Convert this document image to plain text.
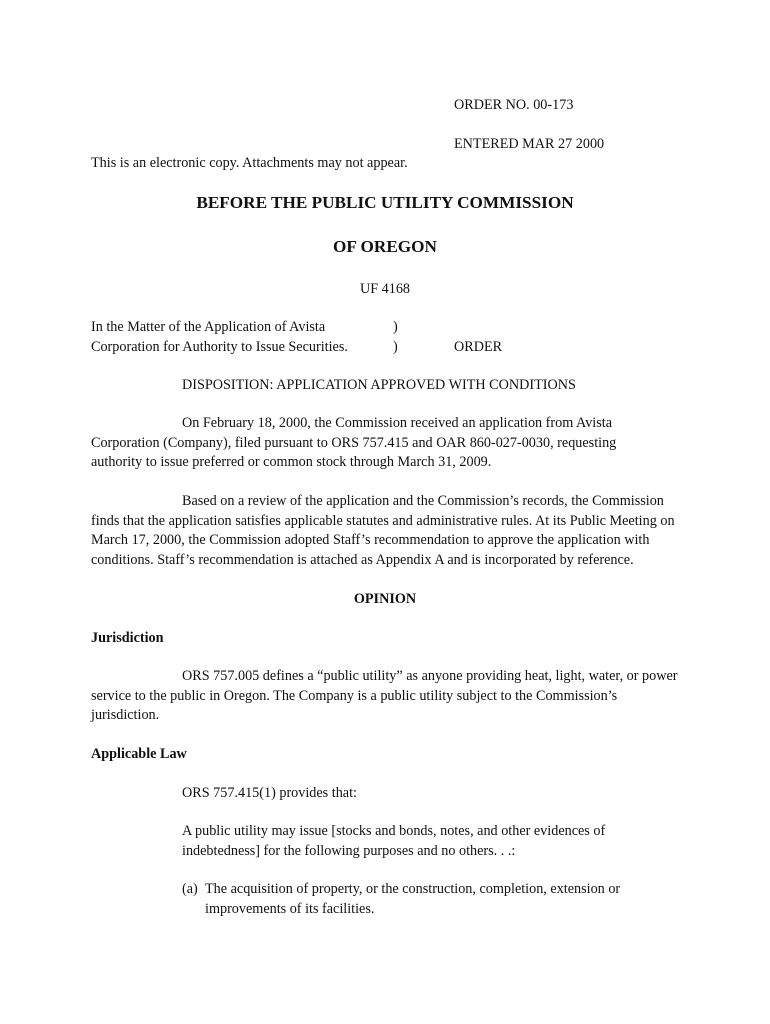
ORDER NO. 00-173
ENTERED MAR 27 2000
This is an electronic copy. Attachments may not appear.
BEFORE THE PUBLIC UTILITY COMMISSION
OF OREGON
UF 4168
In the Matter of the Application of Avista
Corporation for Authority to Issue Securities.
)
)	ORDER
DISPOSITION: APPLICATION APPROVED WITH CONDITIONS
On February 18, 2000, the Commission received an application from Avista
Corporation (Company), filed pursuant to ORS 757.415 and OAR 860-027-0030, requesting
authority to issue preferred or common stock through March 31, 2009.
Based on a review of the application and the Commission’s records, the Commission
finds that the application satisfies applicable statutes and administrative rules. At its Public Meeting on
March 17, 2000, the Commission adopted Staff’s recommendation to approve the application with
conditions. Staff’s recommendation is attached as Appendix A and is incorporated by reference.
OPINION
Jurisdiction
ORS 757.005 defines a “public utility” as anyone providing heat, light, water, or power
service to the public in Oregon. The Company is a public utility subject to the Commission’s
jurisdiction.
Applicable Law
ORS 757.415(1) provides that:
A public utility may issue [stocks and bonds, notes, and other evidences of
indebtedness] for the following purposes and no others. . .:
(a) The acquisition of property, or the construction, completion, extension or
improvements of its facilities.
